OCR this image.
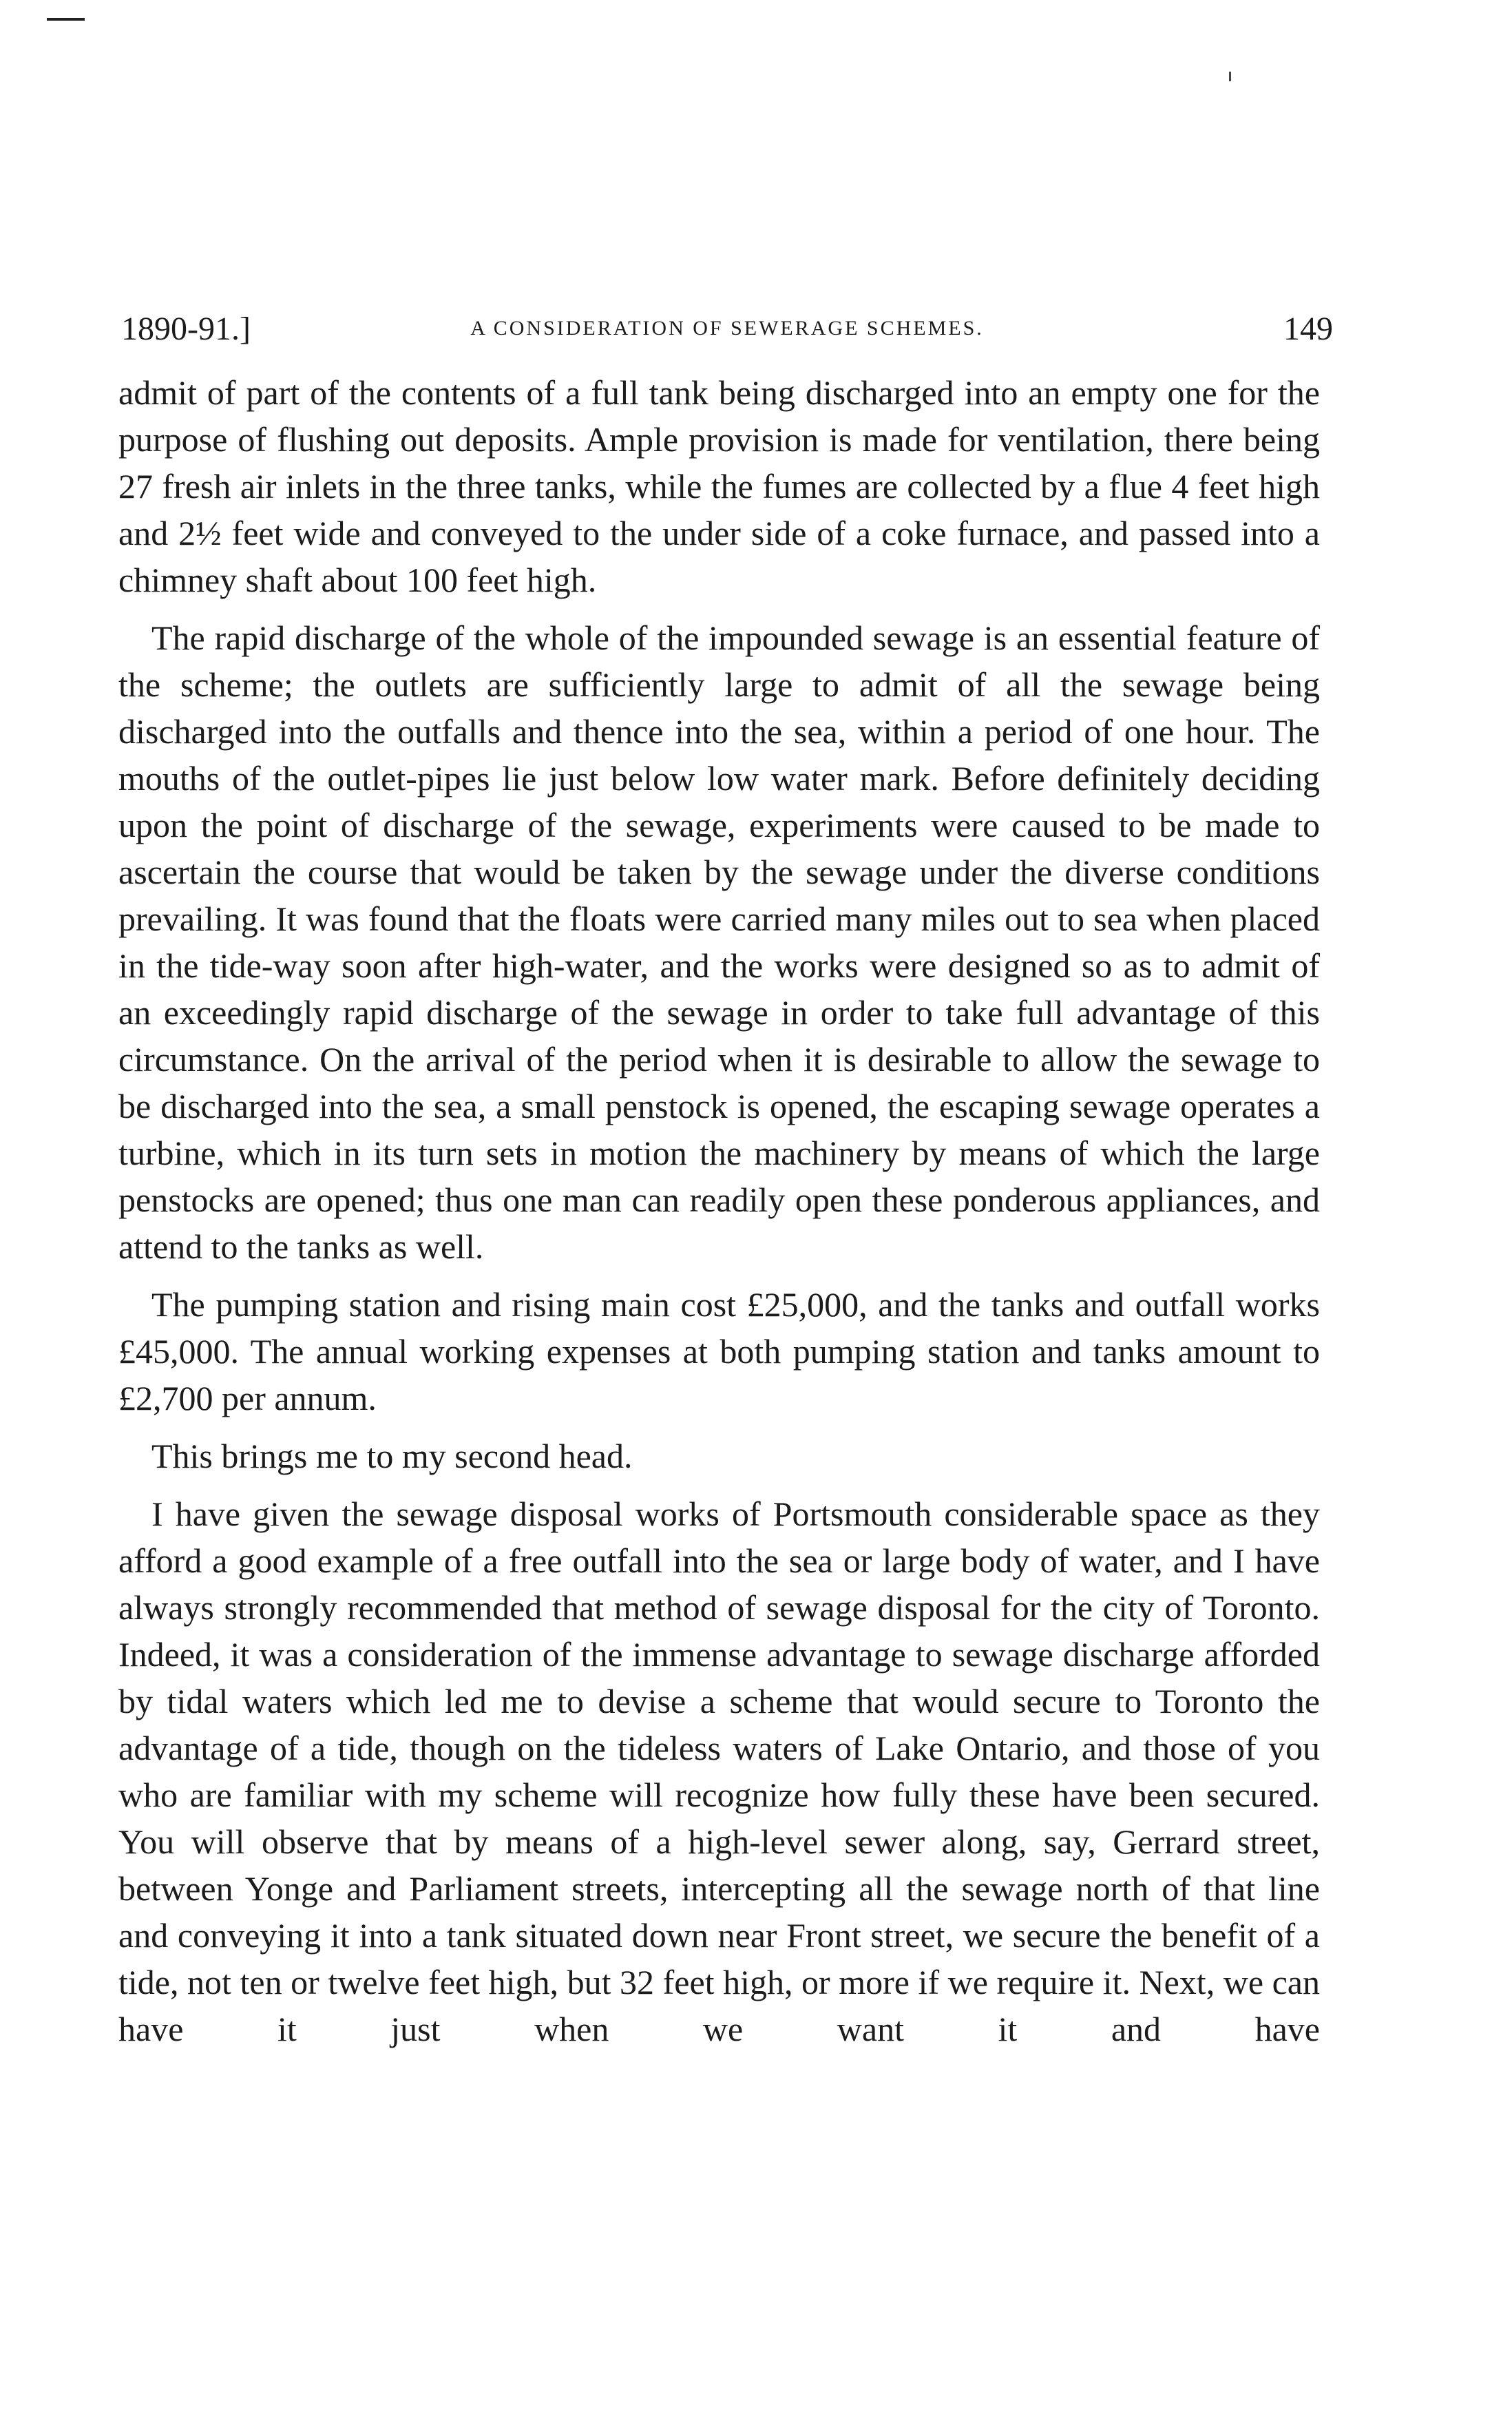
1890-91.]	A CONSIDERATION OF SEWERAGE SCHEMES.	149

admit of part of the contents of a full tank being discharged into an empty one for the purpose of flushing out deposits. Ample provision is made for ventilation, there being 27 fresh air inlets in the three tanks, while the fumes are collected by a flue 4 feet high and 2½ feet wide and conveyed to the under side of a coke furnace, and passed into a chimney shaft about 100 feet high.

The rapid discharge of the whole of the impounded sewage is an essential feature of the scheme; the outlets are sufficiently large to admit of all the sewage being discharged into the outfalls and thence into the sea, within a period of one hour. The mouths of the outlet-pipes lie just below low water mark. Before definitely deciding upon the point of discharge of the sewage, experiments were caused to be made to ascertain the course that would be taken by the sewage under the diverse conditions prevailing. It was found that the floats were carried many miles out to sea when placed in the tide-way soon after high-water, and the works were designed so as to admit of an exceedingly rapid discharge of the sewage in order to take full advantage of this circumstance. On the arrival of the period when it is desirable to allow the sewage to be discharged into the sea, a small penstock is opened, the escaping sewage operates a turbine, which in its turn sets in motion the machinery by means of which the large penstocks are opened; thus one man can readily open these ponderous appliances, and attend to the tanks as well.

The pumping station and rising main cost £25,000, and the tanks and outfall works £45,000. The annual working expenses at both pumping station and tanks amount to £2,700 per annum.

This brings me to my second head.

I have given the sewage disposal works of Portsmouth considerable space as they afford a good example of a free outfall into the sea or large body of water, and I have always strongly recommended that method of sewage disposal for the city of Toronto. Indeed, it was a consideration of the immense advantage to sewage discharge afforded by tidal waters which led me to devise a scheme that would secure to Toronto the advantage of a tide, though on the tideless waters of Lake Ontario, and those of you who are familiar with my scheme will recognize how fully these have been secured. You will observe that by means of a high-level sewer along, say, Gerrard street, between Yonge and Parliament streets, intercepting all the sewage north of that line and conveying it into a tank situated down near Front street, we secure the benefit of a tide, not ten or twelve feet high, but 32 feet high, or more if we require it. Next, we can have it just when we want it and have
